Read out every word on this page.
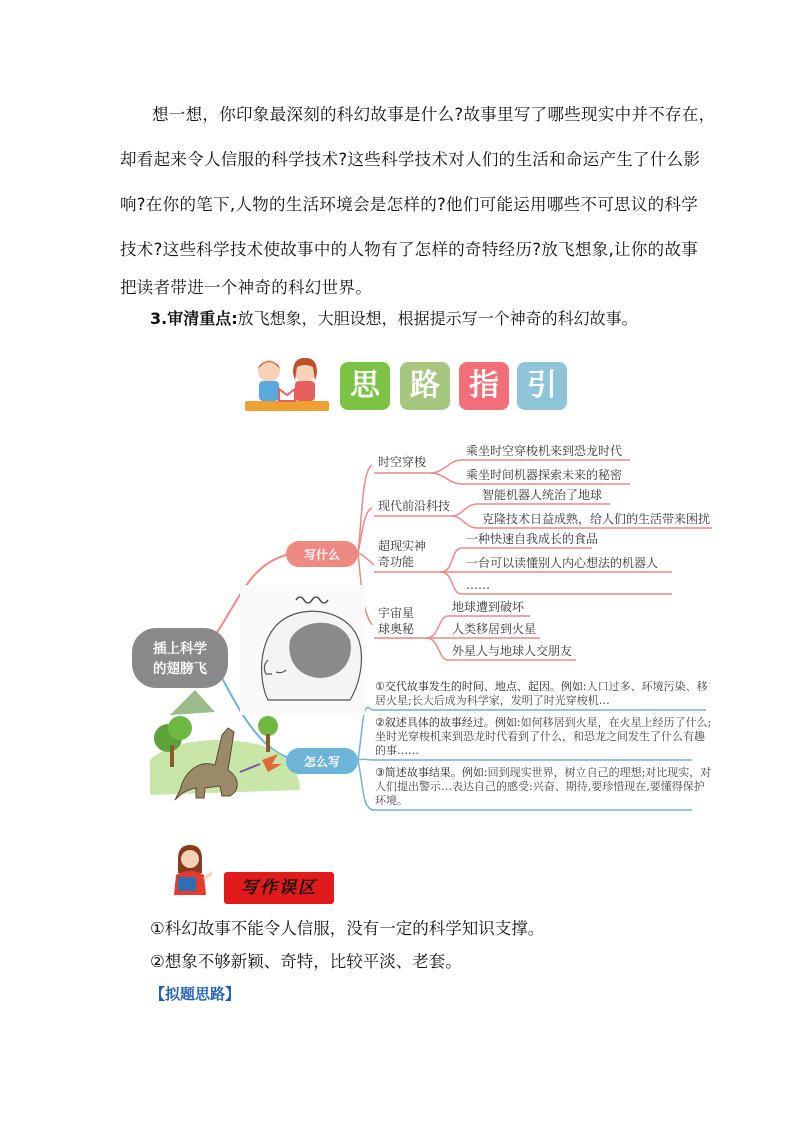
想一想，你印象最深刻的科幻故事是什么?故事里写了哪些现实中并不存在，

却看起来令人信服的科学技术?这些科学技术对人们的生活和命运产生了什么影

响?在你的笔下,人物的生活环境会是怎样的?他们可能运用哪些不可思议的科学

技术?这些科学技术使故事中的人物有了怎样的奇特经历?放飞想象,让你的故事

把读者带进一个神奇的科幻世界。

3.审清重点:放飞想象，大胆设想，根据提示写一个神奇的科幻故事。
思	路 指 引
插上科学
的翅膀飞
写什么
怎么写
时空穿梭
现代前沿科技
超现实神
奇功能
宇宙星
球奥秘
乘坐时空穿梭机来到恐龙时代
乘坐时间机器探索未来的秘密
智能机器人统治了地球
克隆技术日益成熟，给人们的生活带来困扰
一种快速自我成长的食品
一台可以读懂别人内心想法的机器人
……
地球遭到破坏
人类移居到火星
外星人与地球人交朋友
①交代故事发生的时间、地点、起因。例如:人口过多、环境污染、移居火星;长大后成为科学家，发明了时光穿梭机…
②叙述具体的故事经过。例如:如何移居到火星，在火星上经历了什么;坐时光穿梭机来到恐龙时代看到了什么，和恐龙之间发生了什么有趣的事……
③简述故事结果。例如:回到现实世界，树立自己的理想;对比现实，对人们提出警示…表达自己的感受:兴奋、期待,要珍惜现在,要懂得保护环境。
写作误区

①科幻故事不能令人信服，没有一定的科学知识支撑。

②想象不够新颖、奇特，比较平淡、老套。

【拟题思路】
